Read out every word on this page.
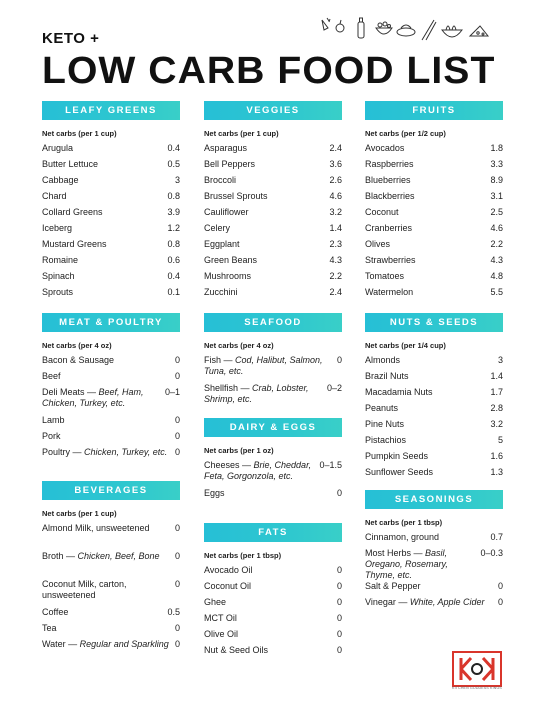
KETO +
LOW CARB FOOD LIST
LEAFY GREENS
Net carbs (per 1 cup)
Arugula	0.4
Butter Lettuce	0.5
Cabbage	3
Chard	0.8
Collard Greens	3.9
Iceberg	1.2
Mustard Greens	0.8
Romaine	0.6
Spinach	0.4
Sprouts	0.1
MEAT & POULTRY
Net carbs (per 4 oz)
Bacon & Sausage	0
Beef	0
Deli Meats — Beef, Ham, Chicken, Turkey, etc.
0–1
Lamb	0
Pork	0
Poultry — Chicken, Turkey, etc. 0
BEVERAGES
Net carbs (per 1 cup)
Almond Milk, unsweetened	0
Broth — Chicken, Beef, Bone	0
Coconut Milk, carton, unsweetened
0
Coffee	0.5
Tea	0
Water — Regular and Sparkling 0
VEGGIES
Net carbs (per 1 cup)
Asparagus	2.4
Bell Peppers	3.6
Broccoli	2.6
Brussel Sprouts	4.6
Cauliflower	3.2
Celery	1.4
Eggplant	2.3
Green Beans	4.3
Mushrooms	2.2
Zucchini	2.4
SEAFOOD
Net carbs (per 4 oz)
Fish — Cod, Halibut, Salmon, Tuna, etc.
0
Shellfish — Crab, Lobster, Shrimp, etc.
0–2
DAIRY & EGGS
Net carbs (per 1 oz)
Cheeses — Brie, Cheddar, Feta, Gorgonzola, etc.
0–1.5
Eggs	0
FATS
Net carbs (per 1 tbsp)
Avocado Oil	0
Coconut Oil	0
Ghee	0
MCT Oil	0
Olive Oil	0
Nut & Seed Oils	0
FRUITS
Net carbs (per 1/2 cup)
Avocados	1.8
Raspberries	3.3
Blueberries	8.9
Blackberries	3.1
Coconut	2.5
Cranberries	4.6
Olives	2.2
Strawberries	4.3
Tomatoes	4.8
Watermelon	5.5
NUTS & SEEDS
Net carbs (per 1/4 cup)
Almonds	3
Brazil Nuts	1.4
Macadamia Nuts	1.7
Peanuts	2.8
Pine Nuts	3.2
Pistachios	5
Pumpkin Seeds	1.6
Sunflower Seeds	1.3
SEASONINGS
Net carbs (per 1 tbsp)
Cinnamon, ground	0.7
Most Herbs — Basil, Oregano, Rosemary, Thyme, etc.
0–0.3
Salt & Pepper	0
Vinegar — White, Apple Cider	0
KITCHEN GODDESS KINGS
